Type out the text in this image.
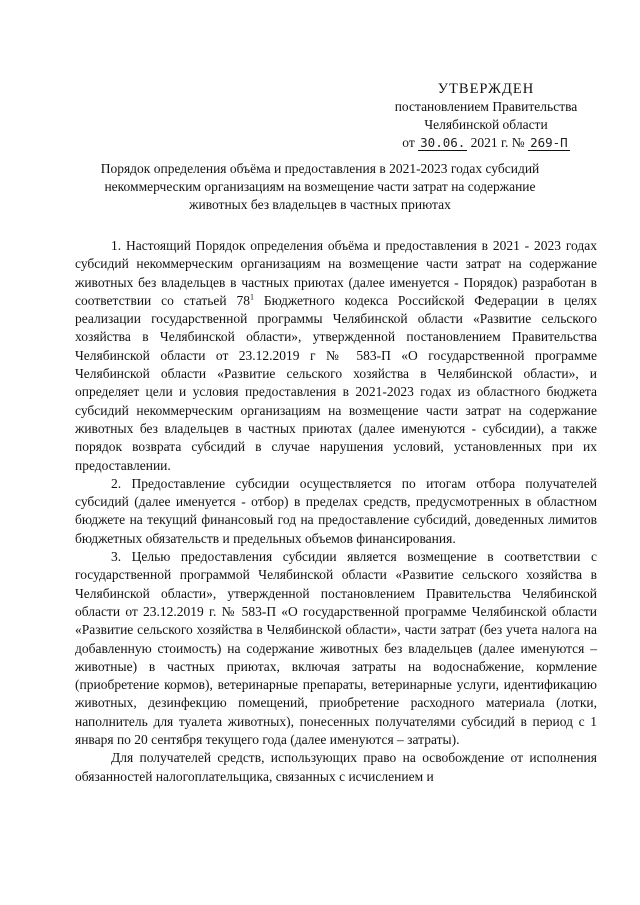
УТВЕРЖДЕН
постановлением Правительства
Челябинской области
от 30.06. 2021 г. № 269-П
Порядок определения объёма и предоставления в 2021-2023 годах субсидий
некоммерческим организациям на возмещение части затрат на содержание
животных без владельцев в частных приютах

1. Настоящий Порядок определения объёма и предоставления в 2021 - 2023 годах субсидий некоммерческим организациям на возмещение части затрат на содержание животных без владельцев в частных приютах (далее именуется - Порядок) разработан в соответствии со статьей $78^1$ Бюджетного кодекса Российской Федерации в целях реализации государственной программы Челябинской области «Развитие сельского хозяйства в Челябинской области», утвержденной постановлением Правительства Челябинской области от 23.12.2019 г № 583-П «О государственной программе Челябинской области «Развитие сельского хозяйства в Челябинской области», и определяет цели и условия предоставления в 2021-2023 годах из областного бюджета субсидий некоммерческим организациям на возмещение части затрат на содержание животных без владельцев в частных приютах (далее именуются - субсидии), а также порядок возврата субсидий в случае нарушения условий, установленных при их предоставлении.

2. Предоставление субсидии осуществляется по итогам отбора получателей субсидий (далее именуется - отбор) в пределах средств, предусмотренных в областном бюджете на текущий финансовый год на предоставление субсидий, доведенных лимитов бюджетных обязательств и предельных объемов финансирования.

3. Целью предоставления субсидии является возмещение в соответствии с государственной программой Челябинской области «Развитие сельского хозяйства в Челябинской области», утвержденной постановлением Правительства Челябинской области от 23.12.2019 г. № 583-П «О государственной программе Челябинской области «Развитие сельского хозяйства в Челябинской области», части затрат (без учета налога на добавленную стоимость) на содержание животных без владельцев (далее именуются – животные) в частных приютах, включая затраты на водоснабжение, кормление (приобретение кормов), ветеринарные препараты, ветеринарные услуги, идентификацию животных, дезинфекцию помещений, приобретение расходного материала (лотки, наполнитель для туалета животных), понесенных получателями субсидий в период с 1 января по 20 сентября текущего года (далее именуются – затраты).

Для получателей средств, использующих право на освобождение от исполнения обязанностей налогоплательщика, связанных с исчислением и
